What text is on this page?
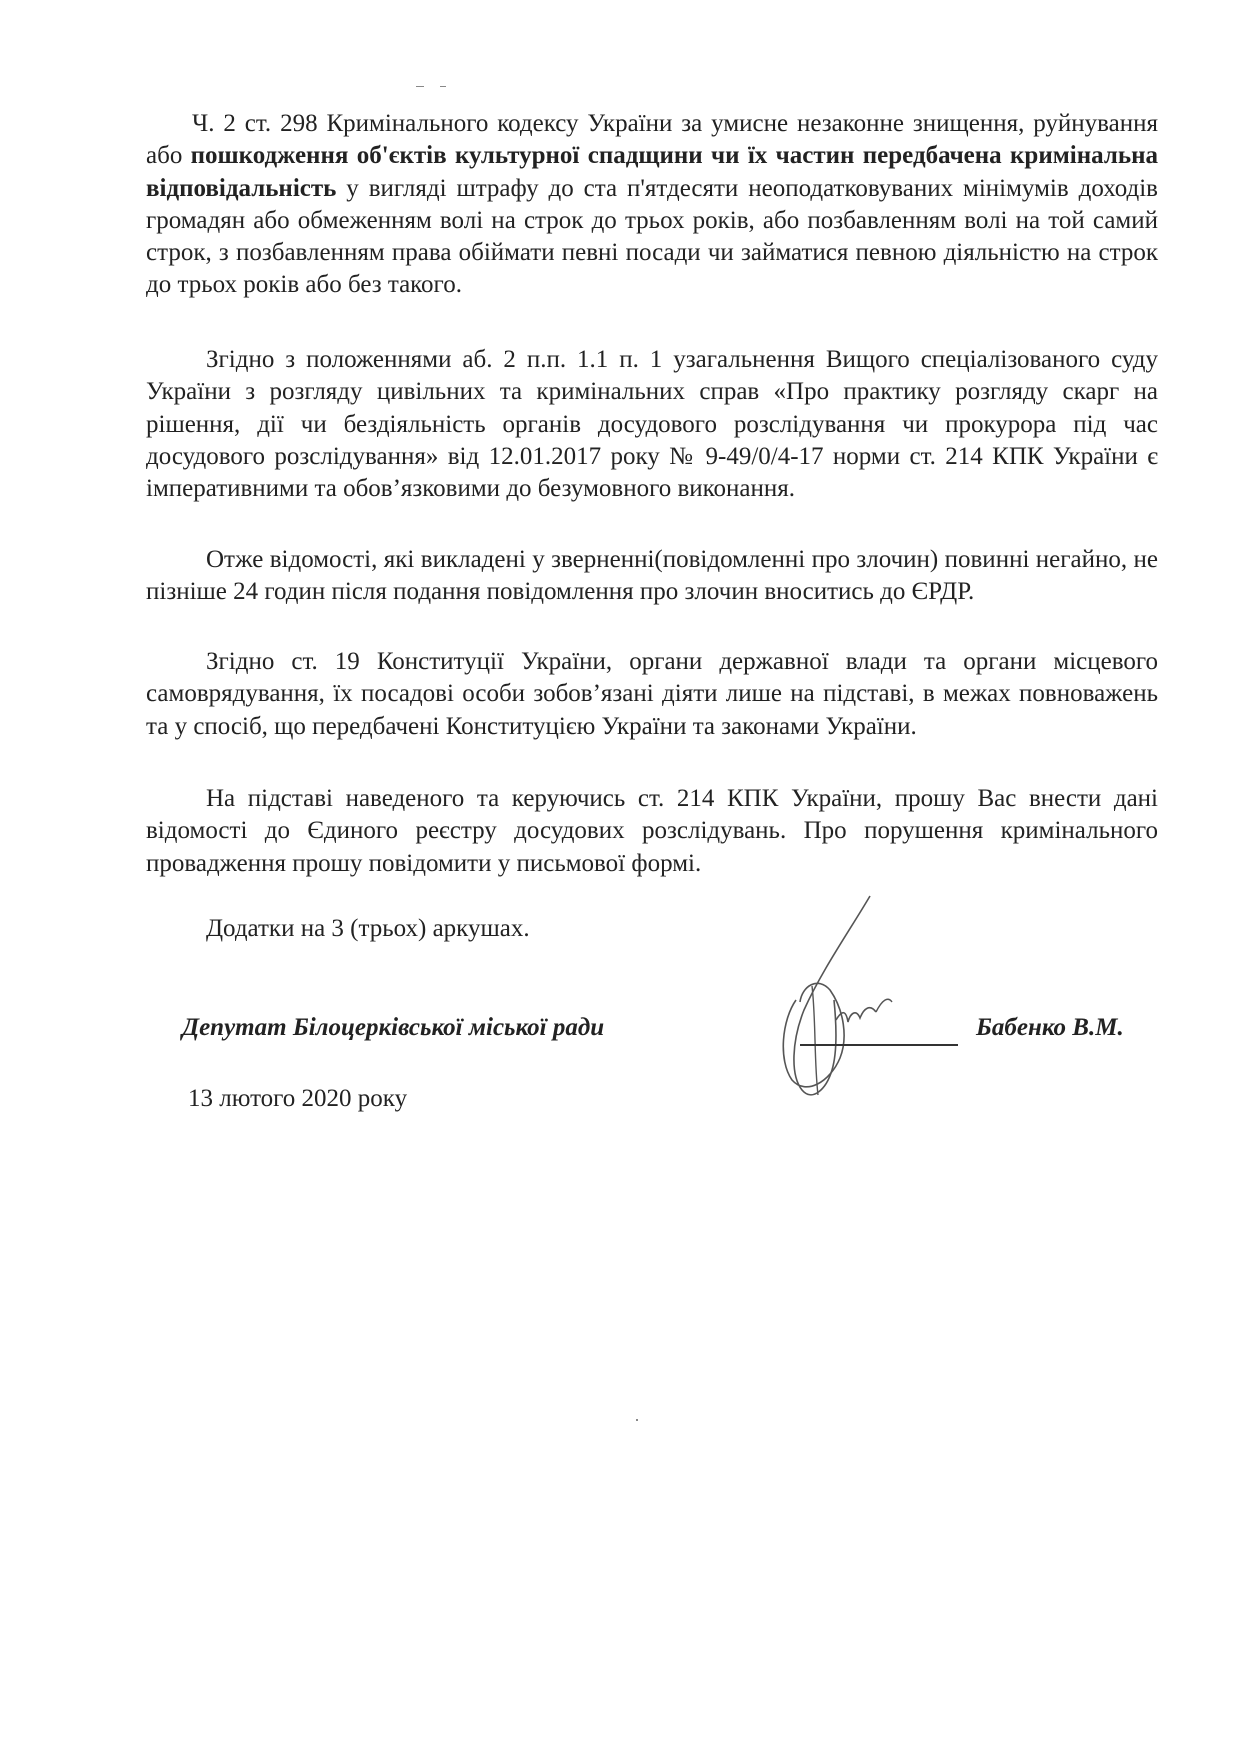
Ч. 2 ст. 298 Кримінального кодексу України за умисне незаконне знищення, руйнування або пошкодження об'єктів культурної спадщини чи їх частин передбачена кримінальна відповідальність у вигляді штрафу до ста п'ятдесяти неоподатковуваних мінімумів доходів громадян або обмеженням волі на строк до трьох років, або позбавленням волі на той самий строк, з позбавленням права обіймати певні посади чи займатися певною діяльністю на строк до трьох років або без такого.

Згідно з положеннями аб. 2 п.п. 1.1 п. 1 узагальнення Вищого спеціалізованого суду України з розгляду цивільних та кримінальних справ «Про практику розгляду скарг на рішення, дії чи бездіяльність органів досудового розслідування чи прокурора під час досудового розслідування» від 12.01.2017 року № 9-49/0/4-17 норми ст. 214 КПК України є імперативними та обов’язковими до безумовного виконання.

Отже відомості, які викладені у зверненні(повідомленні про злочин) повинні негайно, не пізніше 24 годин після подання повідомлення про злочин вноситись до ЄРДР.

Згідно ст. 19 Конституції України, органи державної влади та органи місцевого самоврядування, їх посадові особи зобов’язані діяти лише на підставі, в межах повноважень та у спосіб, що передбачені Конституцією України та законами України.

На підставі наведеного та керуючись ст. 214 КПК України, прошу Вас внести дані відомості до Єдиного реєстру досудових розслідувань. Про порушення кримінального провадження прошу повідомити у письмової формі.

Додатки на 3 (трьох) аркушах.

Депутат Білоцерківської міської ради	Бабенко В.М.

13 лютого 2020 року
